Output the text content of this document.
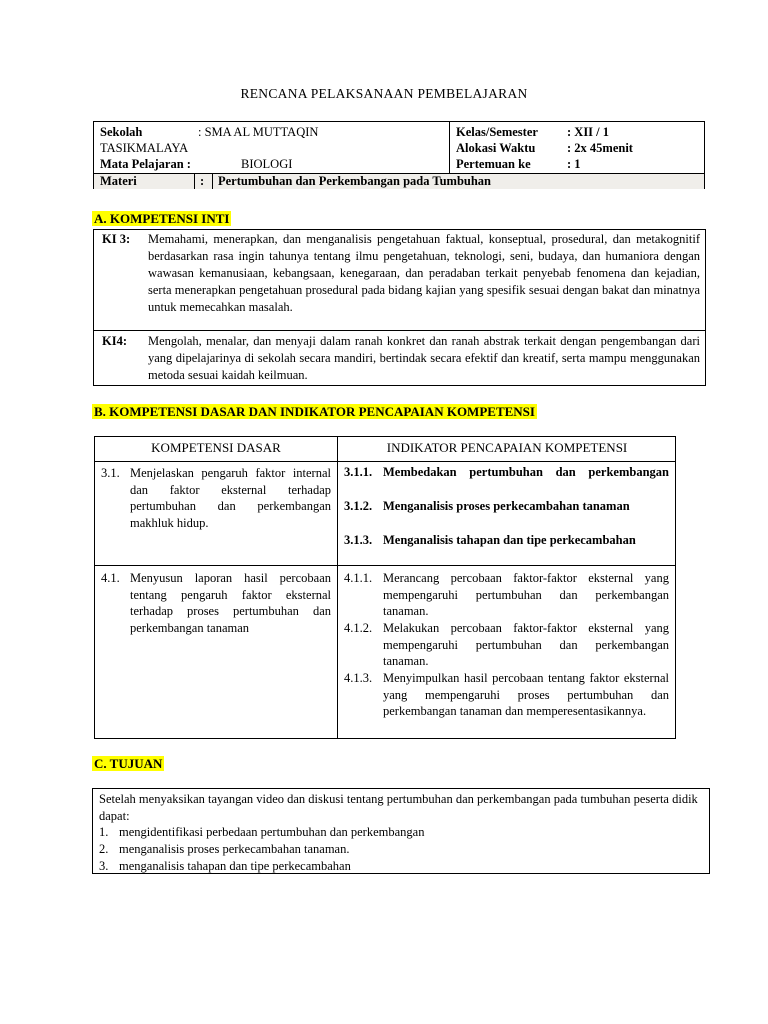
RENCANA PELAKSANAAN PEMBELAJARAN
Sekolah	: SMA AL MUTTAQIN
TASIKMALAYA
Mata Pelajaran :	BIOLOGI
Kelas/Semester : XII / 1
Alokasi Waktu	: 2x 45menit
Pertemuan ke	: 1
Materi	: Pertumbuhan dan Perkembangan pada Tumbuhan
A. KOMPETENSI INTI
KI 3: Memahami, menerapkan, dan menganalisis pengetahuan faktual, konseptual, prosedural, dan metakognitif berdasarkan rasa ingin tahunya tentang ilmu pengetahuan, teknologi, seni, budaya, dan humaniora dengan wawasan kemanusiaan, kebangsaan, kenegaraan, dan peradaban terkait penyebab fenomena dan kejadian, serta menerapkan pengetahuan prosedural pada bidang kajian yang spesifik sesuai dengan bakat dan minatnya untuk memecahkan masalah.
KI4: Mengolah, menalar, dan menyaji dalam ranah konkret dan ranah abstrak terkait dengan pengembangan dari yang dipelajarinya di sekolah secara mandiri, bertindak secara efektif dan kreatif, serta mampu menggunakan metoda sesuai kaidah keilmuan.
B. KOMPETENSI DASAR DAN INDIKATOR PENCAPAIAN KOMPETENSI
KOMPETENSI DASAR	INDIKATOR PENCAPAIAN KOMPETENSI
3.1. Menjelaskan pengaruh faktor internal dan faktor eksternal terhadap pertumbuhan dan perkembangan makhluk hidup.
3.1.1. Membedakan pertumbuhan dan perkembangan
3.1.2. Menganalisis proses perkecambahan tanaman
3.1.3. Menganalisis tahapan dan tipe perkecambahan
4.1. Menyusun laporan hasil percobaan tentang pengaruh faktor eksternal terhadap proses pertumbuhan dan perkembangan tanaman
4.1.1. Merancang percobaan faktor-faktor eksternal yang mempengaruhi pertumbuhan dan perkembangan tanaman.
4.1.2. Melakukan percobaan faktor-faktor eksternal yang mempengaruhi pertumbuhan dan perkembangan tanaman.
4.1.3. Menyimpulkan hasil percobaan tentang faktor eksternal yang mempengaruhi proses pertumbuhan dan perkembangan tanaman dan memperesentasikannya.
C. TUJUAN
Setelah menyaksikan tayangan video dan diskusi tentang pertumbuhan dan perkembangan pada tumbuhan peserta didik dapat:
1. mengidentifikasi perbedaan pertumbuhan dan perkembangan
2. menganalisis proses perkecambahan tanaman.
3. menganalisis tahapan dan tipe perkecambahan
